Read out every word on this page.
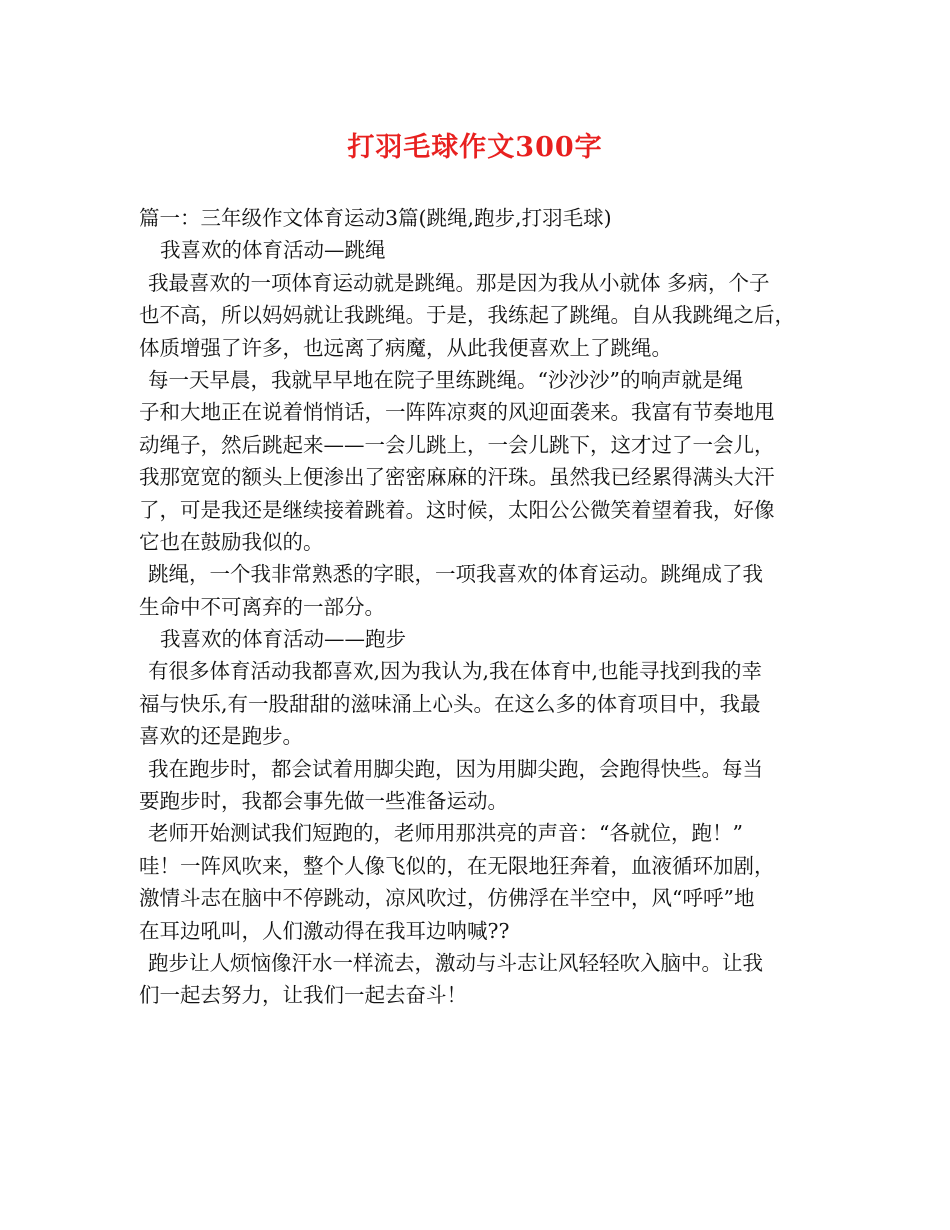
打羽毛球作文300字
篇一：三年级作文体育运动3篇(跳绳,跑步,打羽毛球)
我喜欢的体育活动—跳绳
我最喜欢的一项体育运动就是跳绳。那是因为我从小就体 多病，个子
也不高，所以妈妈就让我跳绳。于是，我练起了跳绳。自从我跳绳之后，
体质增强了许多，也远离了病魔，从此我便喜欢上了跳绳。
每一天早晨，我就早早地在院子里练跳绳。“沙沙沙”的响声就是绳
子和大地正在说着悄悄话，一阵阵凉爽的风迎面袭来。我富有节奏地甩
动绳子，然后跳起来——一会儿跳上，一会儿跳下，这才过了一会儿，
我那宽宽的额头上便渗出了密密麻麻的汗珠。虽然我已经累得满头大汗
了，可是我还是继续接着跳着。这时候，太阳公公微笑着望着我，好像
它也在鼓励我似的。
跳绳，一个我非常熟悉的字眼，一项我喜欢的体育运动。跳绳成了我
生命中不可离弃的一部分。
我喜欢的体育活动——跑步
有很多体育活动我都喜欢,因为我认为,我在体育中,也能寻找到我的幸
福与快乐,有一股甜甜的滋味涌上心头。在这么多的体育项目中，我最
喜欢的还是跑步。
我在跑步时，都会试着用脚尖跑，因为用脚尖跑，会跑得快些。每当
要跑步时，我都会事先做一些准备运动。
老师开始测试我们短跑的，老师用那洪亮的声音：“各就位，跑！”
哇！一阵风吹来，整个人像飞似的，在无限地狂奔着，血液循环加剧，
激情斗志在脑中不停跳动，凉风吹过，仿佛浮在半空中，风“呼呼”地
在耳边吼叫，人们激动得在我耳边呐喊??
跑步让人烦恼像汗水一样流去，激动与斗志让风轻轻吹入脑中。让我
们一起去努力，让我们一起去奋斗！
